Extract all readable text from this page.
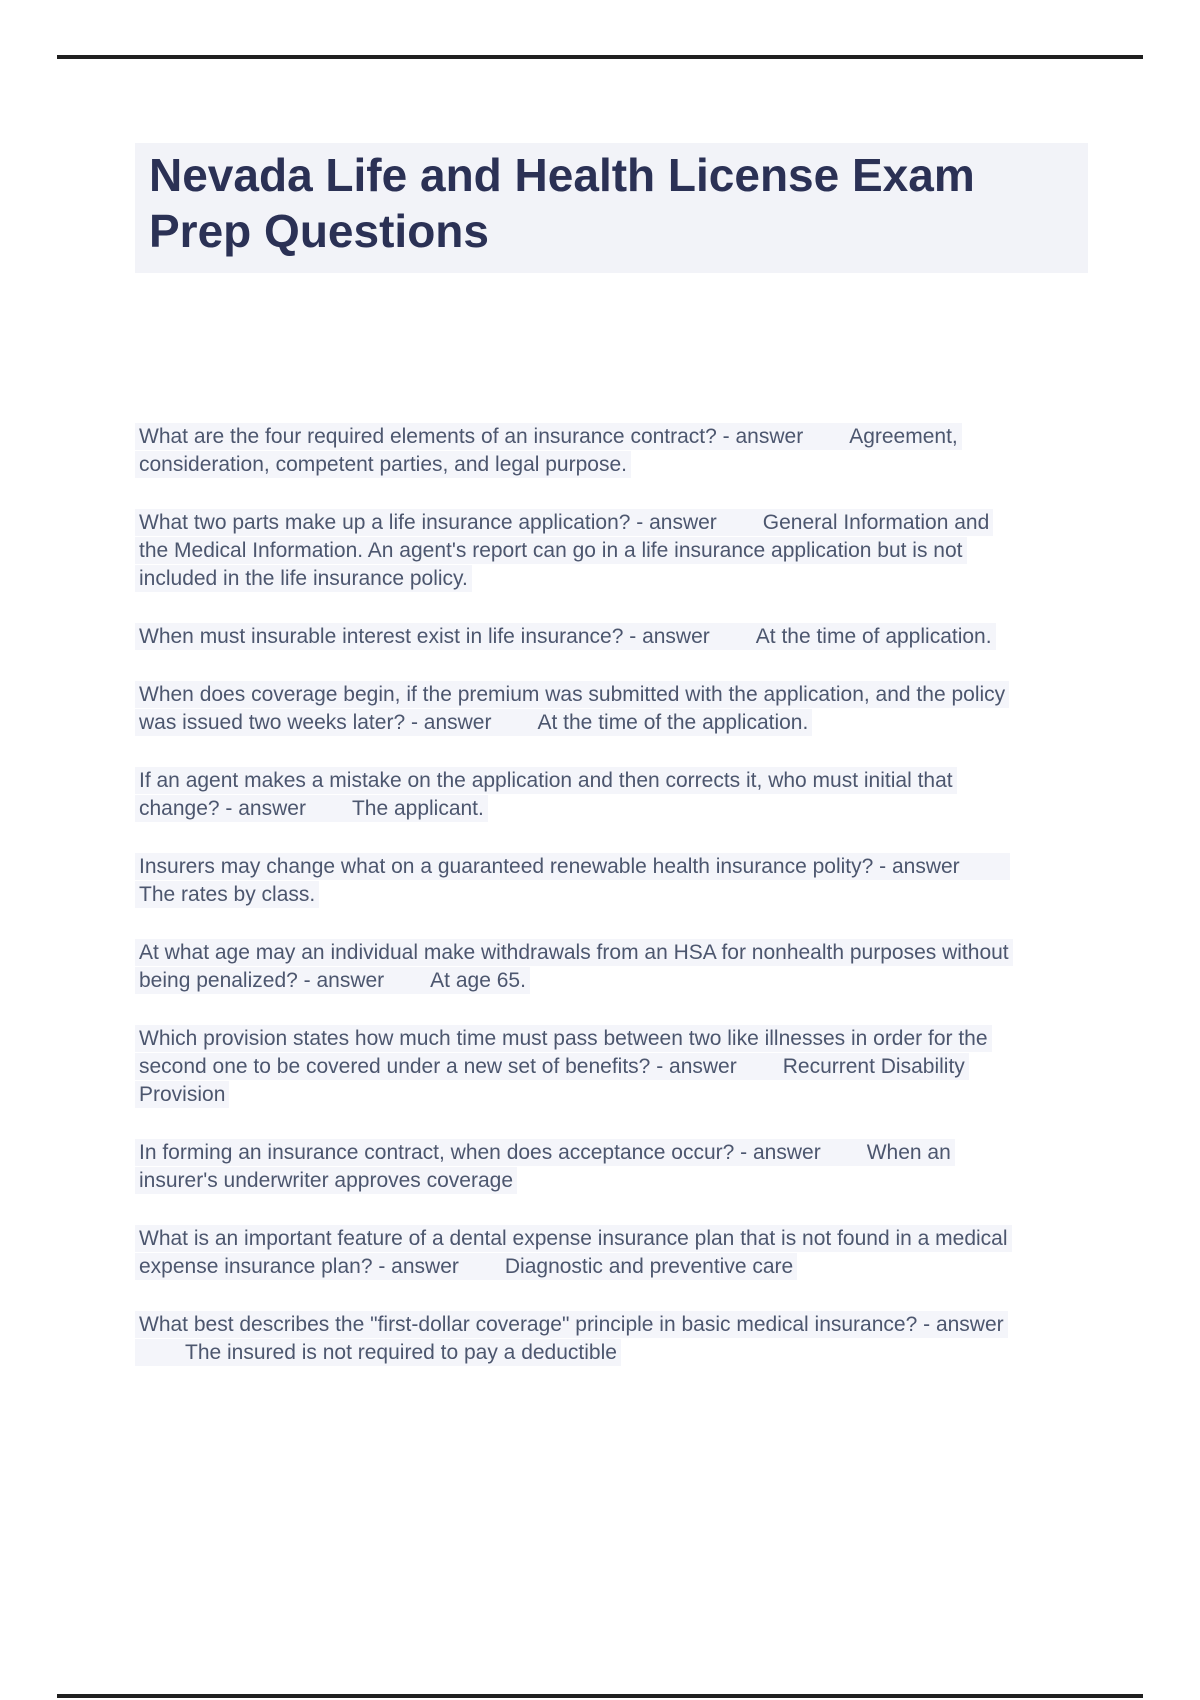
Nevada Life and Health License Exam
Prep Questions

What are the four required elements of an insurance contract? - answer Agreement, consideration, competent parties, and legal purpose.

What two parts make up a life insurance application? - answer General Information and the Medical Information. An agent's report can go in a life insurance application but is not included in the life insurance policy.

When must insurable interest exist in life insurance? - answer At the time of application.

When does coverage begin, if the premium was submitted with the application, and the policy was issued two weeks later? - answer At the time of the application.

If an agent makes a mistake on the application and then corrects it, who must initial that change? - answer The applicant.

Insurers may change what on a guaranteed renewable health insurance polity? - answerThe rates by class.

At what age may an individual make withdrawals from an HSA for nonhealth purposes without being penalized? - answer At age 65.

Which provision states how much time must pass between two like illnesses in order for the second one to be covered under a new set of benefits? - answer Recurrent Disability Provision

In forming an insurance contract, when does acceptance occur? - answer When an insurer's underwriter approves coverage

What is an important feature of a dental expense insurance plan that is not found in a medical expense insurance plan? - answer Diagnostic and preventive care

What best describes the "first-dollar coverage" principle in basic medical insurance? - answerThe insured is not required to pay a deductible
